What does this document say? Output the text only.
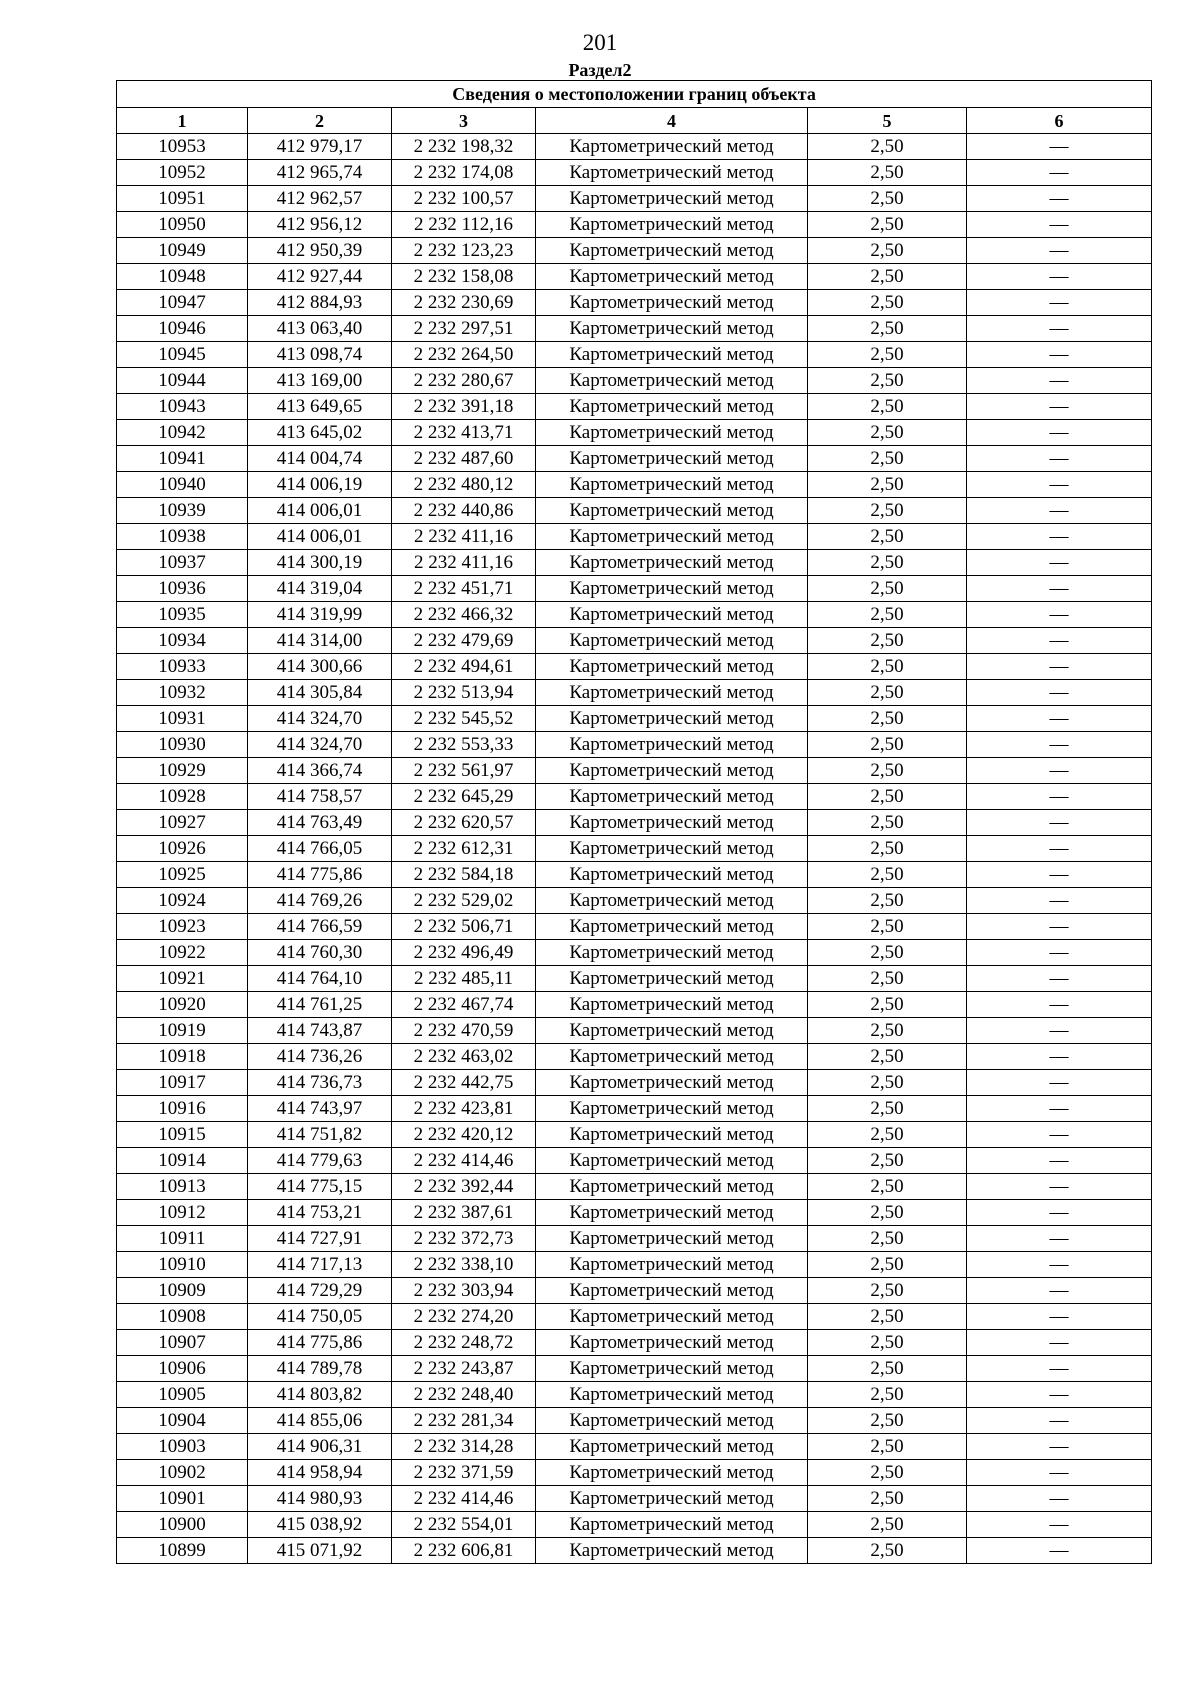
201
Раздел2
Сведения о местоположении границ объекта					
1	2	3	4	5	6
10953	412 979,17	2 232 198,32	Картометрический метод	2,50	—
10952	412 965,74	2 232 174,08	Картометрический метод	2,50	—
10951	412 962,57	2 232 100,57	Картометрический метод	2,50	—
10950	412 956,12	2 232 112,16	Картометрический метод	2,50	—
10949	412 950,39	2 232 123,23	Картометрический метод	2,50	—
10948	412 927,44	2 232 158,08	Картометрический метод	2,50	—
10947	412 884,93	2 232 230,69	Картометрический метод	2,50	—
10946	413 063,40	2 232 297,51	Картометрический метод	2,50	—
10945	413 098,74	2 232 264,50	Картометрический метод	2,50	—
10944	413 169,00	2 232 280,67	Картометрический метод	2,50	—
10943	413 649,65	2 232 391,18	Картометрический метод	2,50	—
10942	413 645,02	2 232 413,71	Картометрический метод	2,50	—
10941	414 004,74	2 232 487,60	Картометрический метод	2,50	—
10940	414 006,19	2 232 480,12	Картометрический метод	2,50	—
10939	414 006,01	2 232 440,86	Картометрический метод	2,50	—
10938	414 006,01	2 232 411,16	Картометрический метод	2,50	—
10937	414 300,19	2 232 411,16	Картометрический метод	2,50	—
10936	414 319,04	2 232 451,71	Картометрический метод	2,50	—
10935	414 319,99	2 232 466,32	Картометрический метод	2,50	—
10934	414 314,00	2 232 479,69	Картометрический метод	2,50	—
10933	414 300,66	2 232 494,61	Картометрический метод	2,50	—
10932	414 305,84	2 232 513,94	Картометрический метод	2,50	—
10931	414 324,70	2 232 545,52	Картометрический метод	2,50	—
10930	414 324,70	2 232 553,33	Картометрический метод	2,50	—
10929	414 366,74	2 232 561,97	Картометрический метод	2,50	—
10928	414 758,57	2 232 645,29	Картометрический метод	2,50	—
10927	414 763,49	2 232 620,57	Картометрический метод	2,50	—
10926	414 766,05	2 232 612,31	Картометрический метод	2,50	—
10925	414 775,86	2 232 584,18	Картометрический метод	2,50	—
10924	414 769,26	2 232 529,02	Картометрический метод	2,50	—
10923	414 766,59	2 232 506,71	Картометрический метод	2,50	—
10922	414 760,30	2 232 496,49	Картометрический метод	2,50	—
10921	414 764,10	2 232 485,11	Картометрический метод	2,50	—
10920	414 761,25	2 232 467,74	Картометрический метод	2,50	—
10919	414 743,87	2 232 470,59	Картометрический метод	2,50	—
10918	414 736,26	2 232 463,02	Картометрический метод	2,50	—
10917	414 736,73	2 232 442,75	Картометрический метод	2,50	—
10916	414 743,97	2 232 423,81	Картометрический метод	2,50	—
10915	414 751,82	2 232 420,12	Картометрический метод	2,50	—
10914	414 779,63	2 232 414,46	Картометрический метод	2,50	—
10913	414 775,15	2 232 392,44	Картометрический метод	2,50	—
10912	414 753,21	2 232 387,61	Картометрический метод	2,50	—
10911	414 727,91	2 232 372,73	Картометрический метод	2,50	—
10910	414 717,13	2 232 338,10	Картометрический метод	2,50	—
10909	414 729,29	2 232 303,94	Картометрический метод	2,50	—
10908	414 750,05	2 232 274,20	Картометрический метод	2,50	—
10907	414 775,86	2 232 248,72	Картометрический метод	2,50	—
10906	414 789,78	2 232 243,87	Картометрический метод	2,50	—
10905	414 803,82	2 232 248,40	Картометрический метод	2,50	—
10904	414 855,06	2 232 281,34	Картометрический метод	2,50	—
10903	414 906,31	2 232 314,28	Картометрический метод	2,50	—
10902	414 958,94	2 232 371,59	Картометрический метод	2,50	—
10901	414 980,93	2 232 414,46	Картометрический метод	2,50	—
10900	415 038,92	2 232 554,01	Картометрический метод	2,50	—
10899	415 071,92	2 232 606,81	Картометрический метод	2,50	—
